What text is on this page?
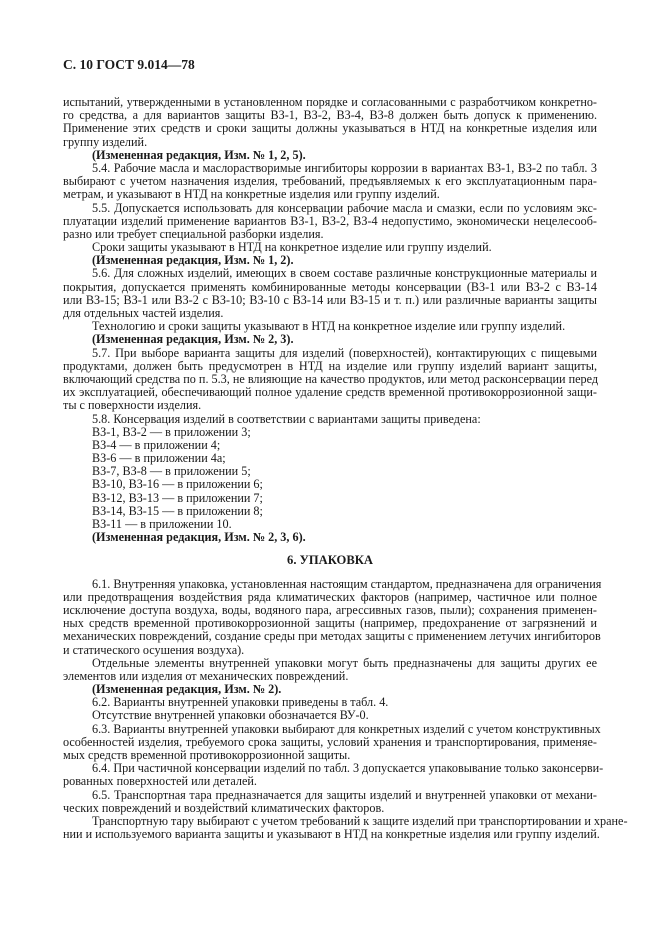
С. 10 ГОСТ 9.014—78
испытаний, утвержденными в установленном порядке и согласованными с разработчиком конкретно-
го средства, а для вариантов защиты ВЗ-1, ВЗ-2, ВЗ-4, ВЗ-8 должен быть допуск к применению.
Применение этих средств и сроки защиты должны указываться в НТД на конкретные изделия или
группу изделий.
(Измененная редакция, Изм. № 1, 2, 5).
5.4. Рабочие масла и маслорастворимые ингибиторы коррозии в вариантах ВЗ-1, ВЗ-2 по табл. 3
выбирают с учетом назначения изделия, требований, предъявляемых к его эксплуатационным пара-
метрам, и указывают в НТД на конкретные изделия или группу изделий.
5.5. Допускается использовать для консервации рабочие масла и смазки, если по условиям экс-
плуатации изделий применение вариантов ВЗ-1, ВЗ-2, ВЗ-4 недопустимо, экономически нецелесооб-
разно или требует специальной разборки изделия.
Сроки защиты указывают в НТД на конкретное изделие или группу изделий.
(Измененная редакция, Изм. № 1, 2).
5.6. Для сложных изделий, имеющих в своем составе различные конструкционные материалы и
покрытия, допускается применять комбинированные методы консервации (ВЗ-1 или ВЗ-2 с ВЗ-14
или ВЗ-15; ВЗ-1 или ВЗ-2 с ВЗ-10; ВЗ-10 с ВЗ-14 или ВЗ-15 и т. п.) или различные варианты защиты
для отдельных частей изделия.
Технологию и сроки защиты указывают в НТД на конкретное изделие или группу изделий.
(Измененная редакция, Изм. № 2, 3).
5.7. При выборе варианта защиты для изделий (поверхностей), контактирующих с пищевыми
продуктами, должен быть предусмотрен в НТД на изделие или группу изделий вариант защиты,
включающий средства по п. 5.3, не влияющие на качество продуктов, или метод расконсервации перед
их эксплуатацией, обеспечивающий полное удаление средств временной противокоррозионной защи-
ты с поверхности изделия.
5.8. Консервация изделий в соответствии с вариантами защиты приведена:
ВЗ-1, ВЗ-2 — в приложении 3;
ВЗ-4 — в приложении 4;
ВЗ-6 — в приложении 4а;
ВЗ-7, ВЗ-8 — в приложении 5;
ВЗ-10, ВЗ-16 — в приложении 6;
ВЗ-12, ВЗ-13 — в приложении 7;
ВЗ-14, ВЗ-15 — в приложении 8;
ВЗ-11 — в приложении 10.
(Измененная редакция, Изм. № 2, 3, 6).
6. УПАКОВКА
6.1. Внутренняя упаковка, установленная настоящим стандартом, предназначена для ограничения
или предотвращения воздействия ряда климатических факторов (например, частичное или полное
исключение доступа воздуха, воды, водяного пара, агрессивных газов, пыли); сохранения применен-
ных средств временной противокоррозионной защиты (например, предохранение от загрязнений и
механических повреждений, создание среды при методах защиты с применением летучих ингибиторов
и статического осушения воздуха).
Отдельные элементы внутренней упаковки могут быть предназначены для защиты других ее
элементов или изделия от механических повреждений.
(Измененная редакция, Изм. № 2).
6.2. Варианты внутренней упаковки приведены в табл. 4.
Отсутствие внутренней упаковки обозначается ВУ-0.
6.3. Варианты внутренней упаковки выбирают для конкретных изделий с учетом конструктивных
особенностей изделия, требуемого срока защиты, условий хранения и транспортирования, применяе-
мых средств временной противокоррозионной защиты.
6.4. При частичной консервации изделий по табл. 3 допускается упаковывание только законсерви-
рованных поверхностей или деталей.
6.5. Транспортная тара предназначается для защиты изделий и внутренней упаковки от механи-
ческих повреждений и воздействий климатических факторов.
Транспортную тару выбирают с учетом требований к защите изделий при транспортировании и хране-
нии и используемого варианта защиты и указывают в НТД на конкретные изделия или группу изделий.
